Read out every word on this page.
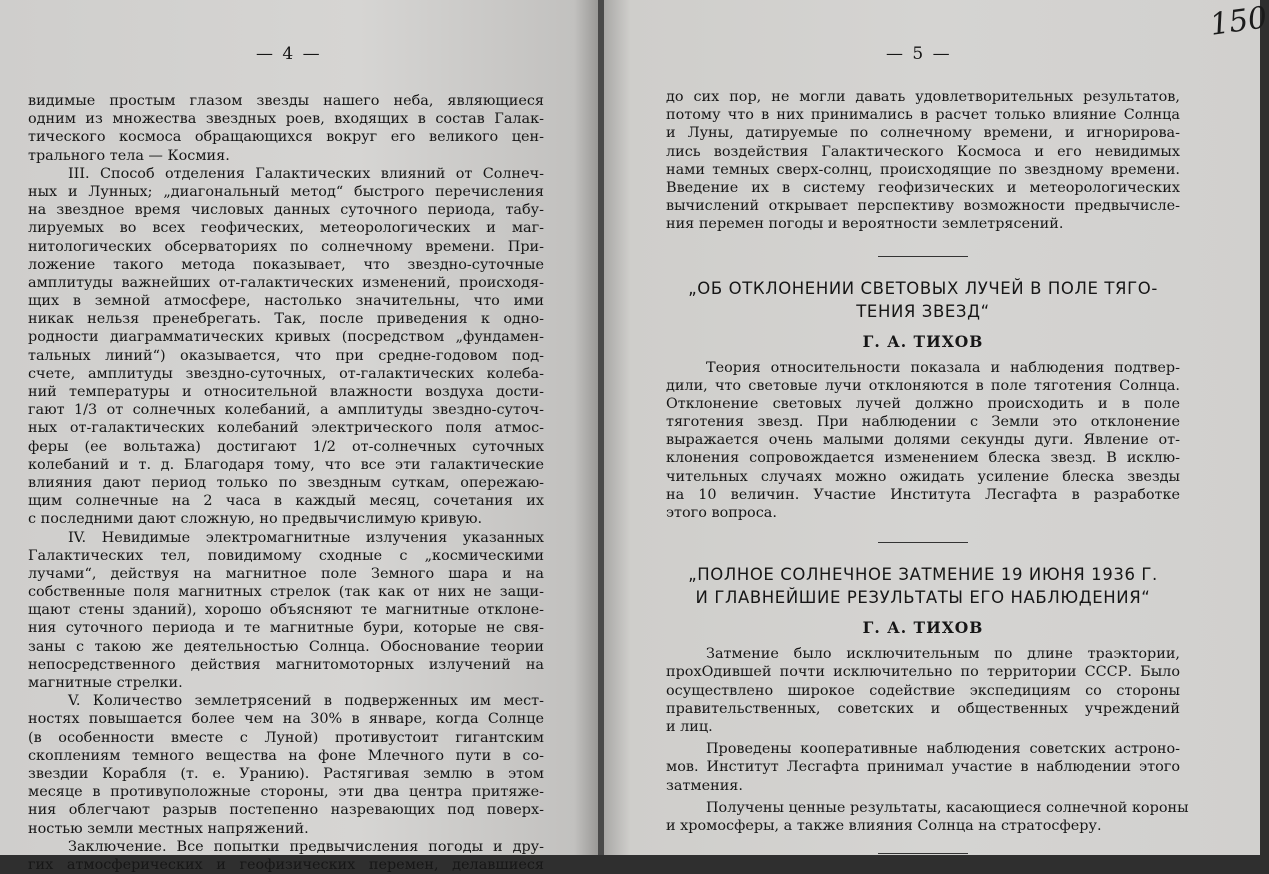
— 4 —
видимые простым глазом звезды нашего неба, являющиеся
одним из множества звездных роев, входящих в состав Галак-
тического космоса обращающихся вокруг его великого цен-
трального тела — Космия.
III. Способ отделения Галактических влияний от Солнеч-
ных и Лунных; „диагональный метод“ быстрого перечисления
на звездное время числовых данных суточного периода, табу-
лируемых во всех геофических, метеорологических и маг-
нитологических обсерваториях по солнечному времени. При-
ложение такого метода показывает, что звездно-суточные
амплитуды важнейших от-галактических изменений, происходя-
щих в земной атмосфере, настолько значительны, что ими
никак нельзя пренебрегать. Так, после приведения к одно-
родности диаграмматических кривых (посредством „фундамен-
тальных линий“) оказывается, что при средне-годовом под-
счете, амплитуды звездно-суточных, от-галактических колеба-
ний температуры и относительной влажности воздуха дости-
гают 1/3 от солнечных колебаний, а амплитуды звездно-суточ-
ных от-галактических колебаний электрического поля атмос-
феры (ее вольтажа) достигают 1/2 от-солнечных суточных
колебаний и т. д. Благодаря тому, что все эти галактические
влияния дают период только по звездным суткам, опережаю-
щим солнечные на 2 часа в каждый месяц, сочетания их
с последними дают сложную, но предвычислимую кривую.
IV. Невидимые электромагнитные излучения указанных
Галактических тел, повидимому сходные с „космическими
лучами“, действуя на магнитное поле Земного шара и на
собственные поля магнитных стрелок (так как от них не защи-
щают стены зданий), хорошо объясняют те магнитные отклоне-
ния суточного периода и те магнитные бури, которые не свя-
заны с такою же деятельностью Солнца. Обоснование теории
непосредственного действия магнитомоторных излучений на
магнитные стрелки.
V. Количество землетрясений в подверженных им мест-
ностях повышается более чем на 30% в январе, когда Солнце
(в особенности вместе с Луной) противустоит гигантским
скоплениям темного вещества на фоне Млечного пути в со-
звездии Корабля (т. е. Уранию). Растягивая землю в этом
месяце в противуположные стороны, эти два центра притяже-
ния облегчают разрыв постепенно назревающих под поверх-
ностью земли местных напряжений.
Заключение. Все попытки предвычисления погоды и дру-
гих атмосферических и геофизических перемен, делавшиеся
— 5 —
до сих пор, не могли давать удовлетворительных результатов,
потому что в них принимались в расчет только влияние Солнца
и Луны, датируемые по солнечному времени, и игнорирова-
лись воздействия Галактического Космоса и его невидимых
нами темных сверх-солнц, происходящие по звездному времени.
Введение их в систему геофизических и метеорологических
вычислений открывает перспективу возможности предвычисле-
ния перемен погоды и вероятности землетрясений.
„ОБ ОТКЛОНЕНИИ СВЕТОВЫХ ЛУЧЕЙ В ПОЛЕ ТЯГО-
ТЕНИЯ ЗВЕЗД“
Г. А. ТИХОВ
Теория относительности показала и наблюдения подтвер-
дили, что световые лучи отклоняются в поле тяготения Солнца.
Отклонение световых лучей должно происходить и в поле
тяготения звезд. При наблюдении с Земли это отклонение
выражается очень малыми долями секунды дуги. Явление от-
клонения сопровождается изменением блеска звезд. В исклю-
чительных случаях можно ожидать усиление блеска звезды
на 10 величин. Участие Института Лесгафта в разработке
этого вопроса.
„ПОЛНОЕ СОЛНЕЧНОЕ ЗАТМЕНИЕ 19 ИЮНЯ 1936 Г.
И ГЛАВНЕЙШИЕ РЕЗУЛЬТАТЫ ЕГО НАБЛЮДЕНИЯ“
Г. А. ТИХОВ
Затмение было исключительным по длине траэктории,
прохОдившей почти исключительно по территории СССР. Было
осуществлено широкое содействие экспедициям со стороны
правительственных, советских и общественных учреждений
и лиц.
Проведены кооперативные наблюдения советских астроно-
мов. Институт Лесгафта принимал участие в наблюдении этого
затмения.
Получены ценные результаты, касающиеся солнечной короны
и хромосферы, а также влияния Солнца на стратосферу.
150
